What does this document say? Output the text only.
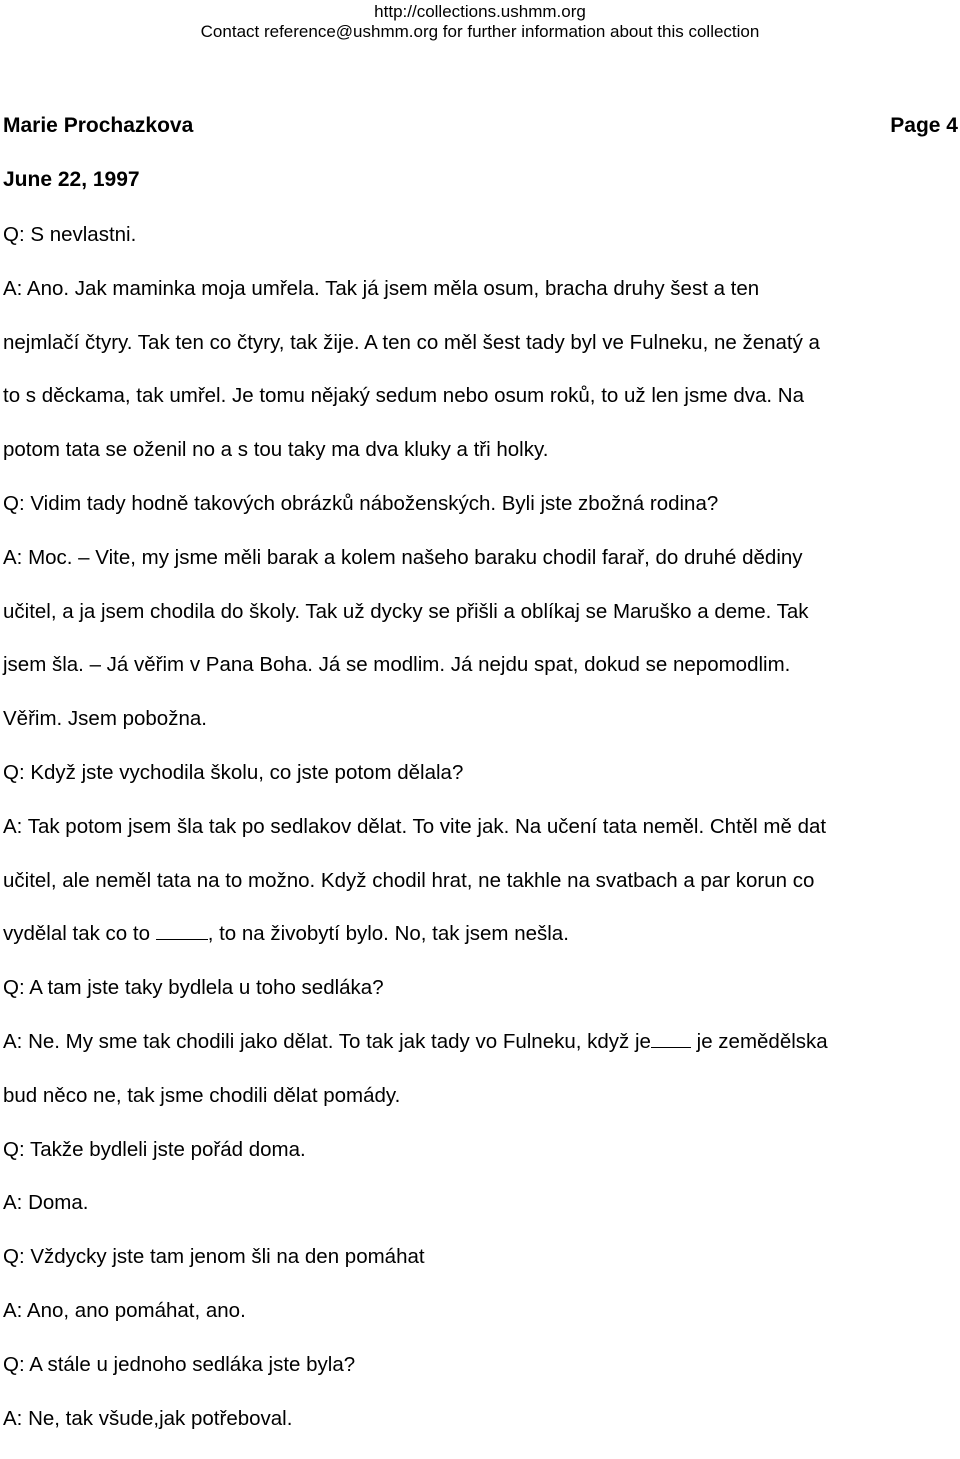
http://collections.ushmm.org
Contact reference@ushmm.org for further information about this collection
Marie Prochazkova	Page 4
June 22, 1997
Q: S nevlastni.
A: Ano. Jak maminka moja umřela. Tak já jsem měla osum, bracha druhy šest a ten
nejmlačí čtyry. Tak ten co čtyry, tak žije. A ten co měl šest tady byl ve Fulneku, ne ženatý a
to s děckama, tak umřel. Je tomu nějaký sedum nebo osum roků, to už len jsme dva. Na
potom tata se oženil no a s tou taky ma dva kluky a tři holky.
Q: Vidim tady hodně takových obrázků náboženských. Byli jste zbožná rodina?
A: Moc. – Vite, my jsme měli barak a kolem našeho baraku chodil farař, do druhé dědiny
učitel, a ja jsem chodila do školy. Tak už dycky se přišli a oblíkaj se Maruško a deme. Tak
jsem šla. – Já věřim v Pana Boha. Já se modlim. Já nejdu spat, dokud se nepomodlim.
Věřim. Jsem pobožna.
Q: Když jste vychodila školu, co jste potom dělala?
A: Tak potom jsem šla tak po sedlakov dělat. To vite jak. Na učení tata neměl. Chtěl mě dat
učitel, ale neměl tata na to možno. Když chodil hrat, ne takhle na svatbach a par korun co
vydělal tak co to	, to na živobytí bylo. No, tak jsem nešla.
Q: A tam jste taky bydlela u toho sedláka?
A: Ne. My sme tak chodili jako dělat. To tak jak tady vo Fulneku, když je je zemědělska
bud něco ne, tak jsme chodili dělat pomády.
Q: Takže bydleli jste pořád doma.
A: Doma.
Q: Vždycky jste tam jenom šli na den pomáhat
A: Ano, ano pomáhat, ano.
Q: A stále u jednoho sedláka jste byla?
A: Ne, tak všude,jak potřeboval.
